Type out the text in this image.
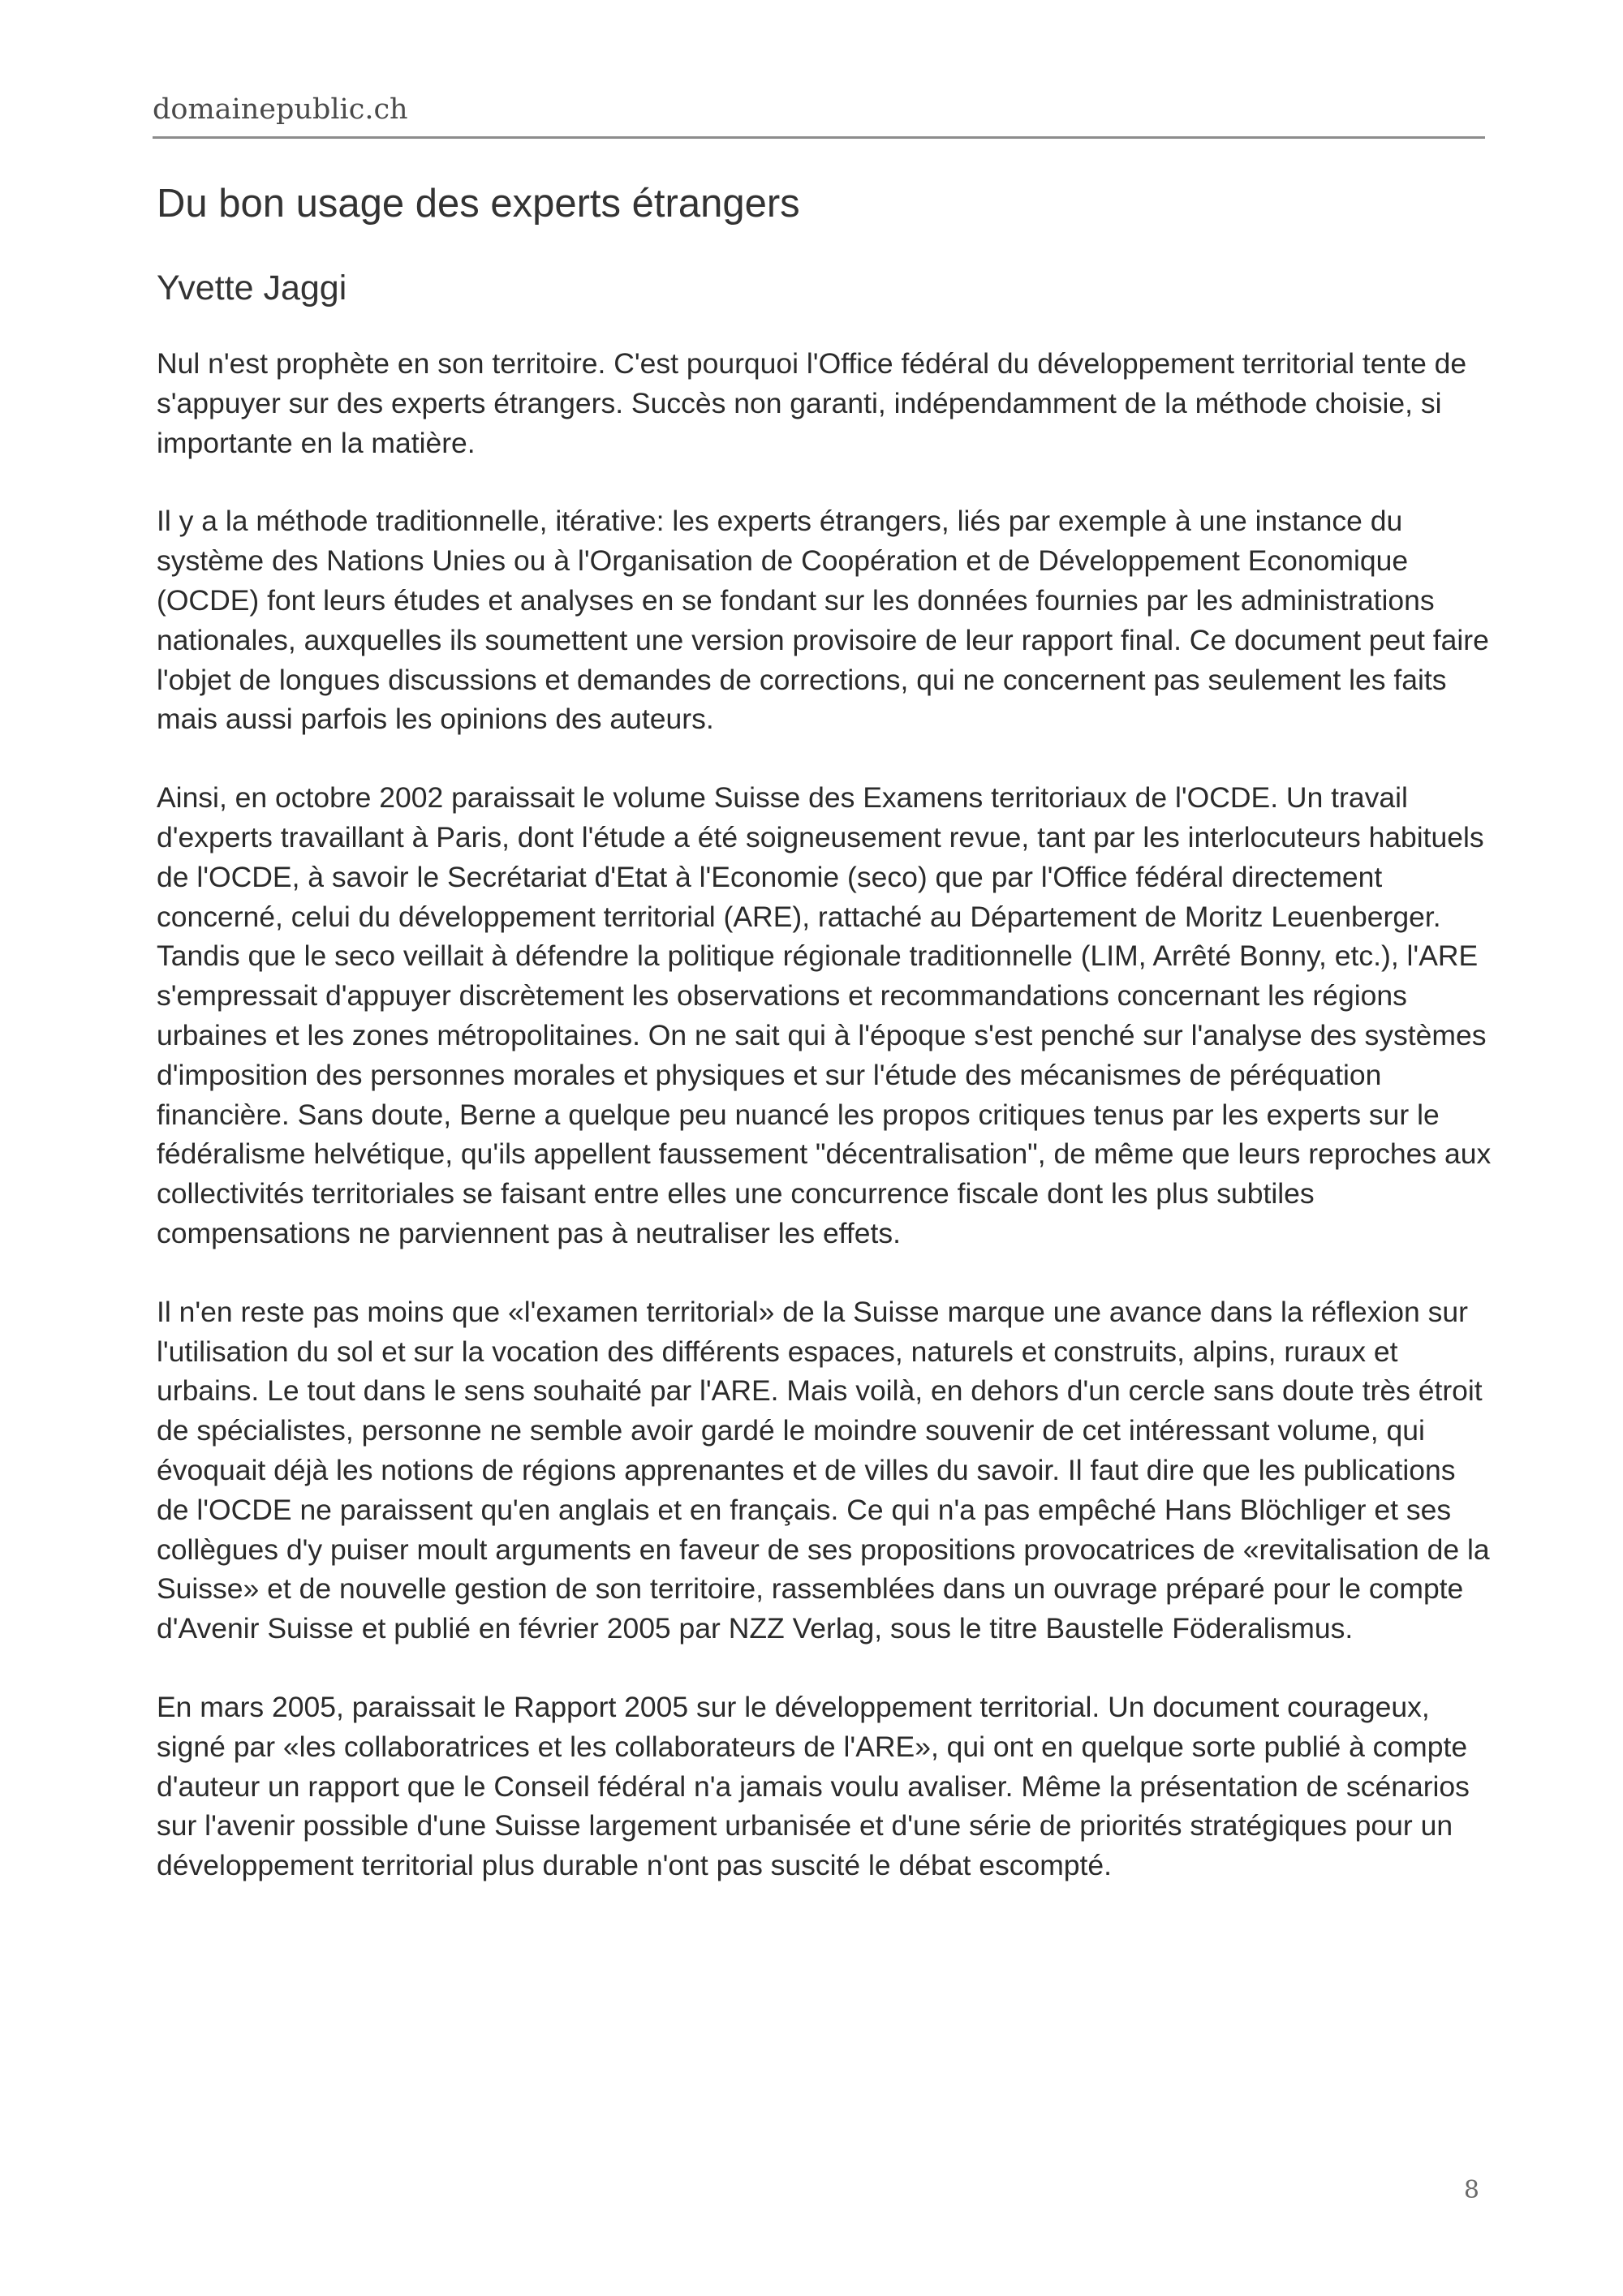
domainepublic.ch
Du bon usage des experts étrangers
Yvette Jaggi

Nul n'est prophète en son territoire. C'est pourquoi l'Office fédéral du développement territorial tente de s'appuyer sur des experts étrangers. Succès non garanti, indépendamment de la méthode choisie, si importante en la matière.

Il y a la méthode traditionnelle, itérative: les experts étrangers, liés par exemple à une instance du système des Nations Unies ou à l'Organisation de Coopération et de Développement Economique (OCDE) font leurs études et analyses en se fondant sur les données fournies par les administrations nationales, auxquelles ils soumettent une version provisoire de leur rapport final. Ce document peut faire l'objet de longues discussions et demandes de corrections, qui ne concernent pas seulement les faits mais aussi parfois les opinions des auteurs.

Ainsi, en octobre 2002 paraissait le volume Suisse des Examens territoriaux de l'OCDE. Un travail d'experts travaillant à Paris, dont l'étude a été soigneusement revue, tant par les interlocuteurs habituels de l'OCDE, à savoir le Secrétariat d'Etat à l'Economie (seco) que par l'Office fédéral directement concerné, celui du développement territorial (ARE), rattaché au Département de Moritz Leuenberger. Tandis que le seco veillait à défendre la politique régionale traditionnelle (LIM, Arrêté Bonny, etc.), l'ARE s'empressait d'appuyer discrètement les observations et recommandations concernant les régions urbaines et les zones métropolitaines. On ne sait qui à l'époque s'est penché sur l'analyse des systèmes d'imposition des personnes morales et physiques et sur l'étude des mécanismes de péréquation financière. Sans doute, Berne a quelque peu nuancé les propos critiques tenus par les experts sur le fédéralisme helvétique, qu'ils appellent faussement "décentralisation", de même que leurs reproches aux collectivités territoriales se faisant entre elles une concurrence fiscale dont les plus subtiles compensations ne parviennent pas à neutraliser les effets.

Il n'en reste pas moins que «l'examen territorial» de la Suisse marque une avance dans la réflexion sur l'utilisation du sol et sur la vocation des différents espaces, naturels et construits, alpins, ruraux et urbains. Le tout dans le sens souhaité par l'ARE. Mais voilà, en dehors d'un cercle sans doute très étroit de spécialistes, personne ne semble avoir gardé le moindre souvenir de cet intéressant volume, qui évoquait déjà les notions de régions apprenantes et de villes du savoir. Il faut dire que les publications de l'OCDE ne paraissent qu'en anglais et en français. Ce qui n'a pas empêché Hans Blöchliger et ses collègues d'y puiser moult arguments en faveur de ses propositions provocatrices de «revitalisation de la Suisse» et de nouvelle gestion de son territoire, rassemblées dans un ouvrage préparé pour le compte d'Avenir Suisse et publié en février 2005 par NZZ Verlag, sous le titre Baustelle Föderalismus.

En mars 2005, paraissait le Rapport 2005 sur le développement territorial. Un document courageux, signé par «les collaboratrices et les collaborateurs de l'ARE», qui ont en quelque sorte publié à compte d'auteur un rapport que le Conseil fédéral n'a jamais voulu avaliser. Même la présentation de scénarios sur l'avenir possible d'une Suisse largement urbanisée et d'une série de priorités stratégiques pour un développement territorial plus durable n'ont pas suscité le débat escompté.

8
